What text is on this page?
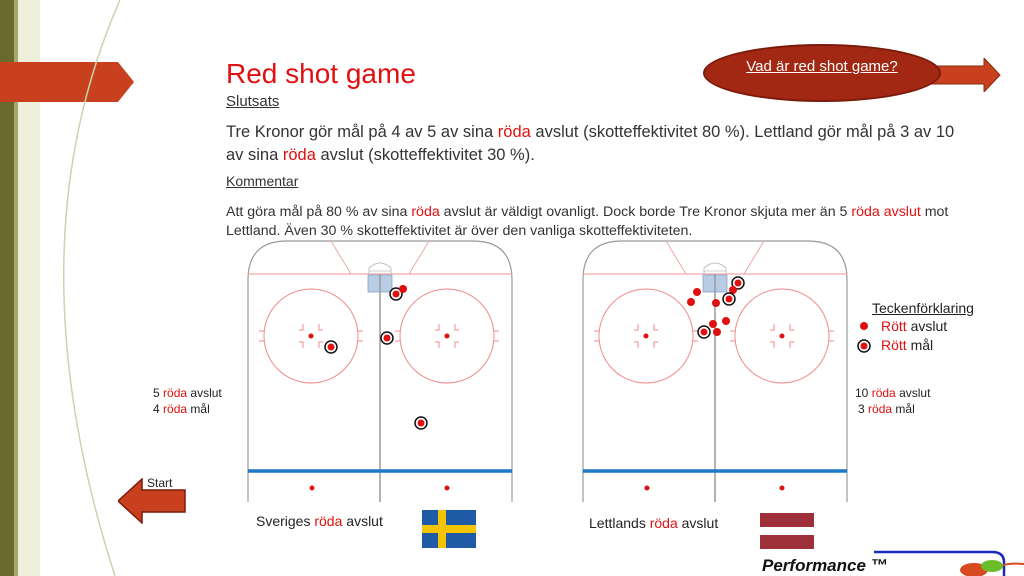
Red shot game
Slutsats
Tre Kronor gör mål på 4 av 5 av sina röda avslut (skotteffektivitet 80 %). Lettland gör mål på 3 av 10 av sina röda avslut (skotteffektivitet 30 %).
Kommentar
Att göra mål på 80 % av sina röda avslut är väldigt ovanligt. Dock borde Tre Kronor skjuta mer än 5 röda avslut mot Lettland. Även 30 % skotteffektivitet är över den vanliga skotteffektiviteten.
Vad är red shot game?
5 röda avslut
4 röda mål
10 röda avslut
3 röda mål
Teckenförklaring
Rött avslut
Rött mål
Sveriges röda avslut	Lettlands röda avslut
Start
Performance ™
